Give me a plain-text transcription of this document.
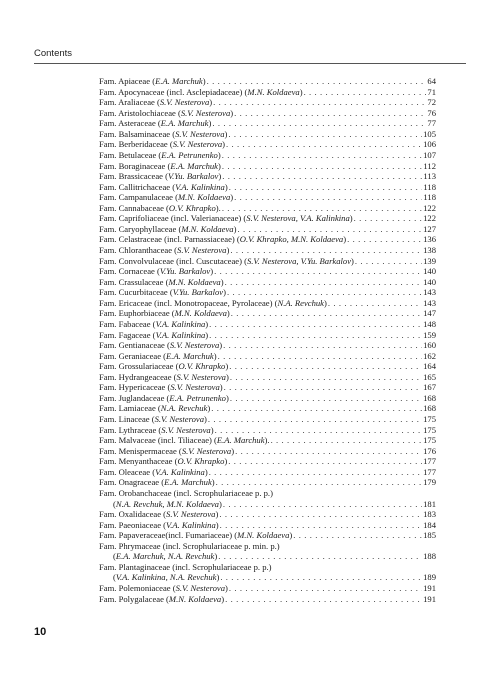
Contents
Fam. Apiaceae ( E.A. Marchuk ) . . .	64
Fam. Apocynaceae (incl. Asclepiadaceae) ( M.N. Koldaeva ) . . .	71
Fam. Araliaceae ( S.V. Nesterova ) . . .	72
Fam. Aristolochiaceae ( S.V. Nesterova ) . . .	76
Fam. Asteraceae ( E.A. Marchuk ) . . .	77
Fam. Balsaminaceae ( S.V. Nesterova ) . . .	105
Fam. Berberidaceae ( S.V. Nesterova ) . . .	106
Fam. Betulaceae ( E.A. Petrunenko ) . . .	107
Fam. Boraginaceae ( E.A. Marchuk ) . . .	112
Fam. Brassicaceae ( V.Yu. Barkalov ) . . .	113
Fam. Callitrichaceae ( V.A. Kalinkina ) . . .	118
Fam. Campanulaceae ( M.N. Koldaeva ) . . .	118
Fam. Cannabaceae ( O.V. Khrapko ). . . .	122
Fam. Caprifoliaceae (incl. Valerianaceae) ( S.V. Nesterova, V.A. Kalinkina ) . . .	122
Fam. Caryophyllaceae ( M.N. Koldaeva ) . . .	127
Fam. Celastraceae (incl. Parnassiaceae) ( O.V. Khrapko, M.N. Koldaeva ) . . .	136
Fam. Chloranthaceae ( S.V. Nesterova ) . . .	138
Fam. Convolvulaceae (incl. Cuscutaceae) ( S.V. Nesterova, V.Yu. Barkalov ) . . .	139
Fam. Cornaceae ( V.Yu. Barkalov ) . . .	140
Fam. Crassulaceae ( M.N. Koldaeva ) . . .	140
Fam. Cucurbitaceae ( V.Yu. Barkalov ) . . .	143
Fam. Ericaceae (incl. Monotropaceae, Pyrolaceae) ( N.A. Revchuk ) . . .	143
Fam. Euphorbiaceae ( M.N. Koldaeva ) . . .	147
Fam. Fabaceae ( V.A. Kalinkina ) . . .	148
Fam. Fagaceae ( V.A. Kalinkina ) . . .	159
Fam. Gentianaceae ( S.V. Nesterova ) . . .	160
Fam. Geraniaceae ( E.A. Marchuk ) . . .	162
Fam. Grossulariaceae ( O.V. Khrapko ) . . .	164
Fam. Hydrangeaceae ( S.V. Nesterova ) . . .	165
Fam. Hypericaceae ( S.V. Nesterova ) . . .	167
Fam. Juglandaceae ( E.A. Petrunenko ) . . .	168
Fam. Lamiaceae ( N.A. Revchuk ) . . .	168
Fam. Linaceae ( S.V. Nesterova ) . . .	175
Fam. Lythraceae ( S.V. Nesterova ) . . .	175
Fam. Malvaceae (incl. Tiliaceae) ( E.A. Marchuk ). . . .	175
Fam. Menispermaceae ( S.V. Nesterova ) . . .	176
Fam. Menyanthaceae ( O.V. Khrapko ) . . .	177
Fam. Oleaceae ( V.A. Kalinkina ) . . .	177
Fam. Onagraceae ( E.A. Marchuk ) . . .	179
Fam. Orobanchaceae (incl. Scrophulariaceae p. p.)
( N.A. Revchuk, M.N. Koldaeva ) . . .	181
Fam. Oxalidaceae ( S.V. Nesterova ) . . .	183
Fam. Paeoniaceae ( V.A. Kalinkina ) . . .	184
Fam. Papaveraceae(incl. Fumariaceae) ( M.N. Koldaeva ) . . .	185
Fam. Phrymaceae (incl. Scrophulariaceae p. min. p.)
( E.A. Marchuk, N.A. Revchuk ) . . .	188
Fam. Plantaginaceae (incl. Scrophulariaceae p. p.)
( V.A. Kalinkina, N.A. Revchuk ) . . .	189
Fam. Polemoniaceae ( S.V. Nesterova ) . . .	191
Fam. Polygalaceae ( M.N. Koldaeva ) . . .	191
10
